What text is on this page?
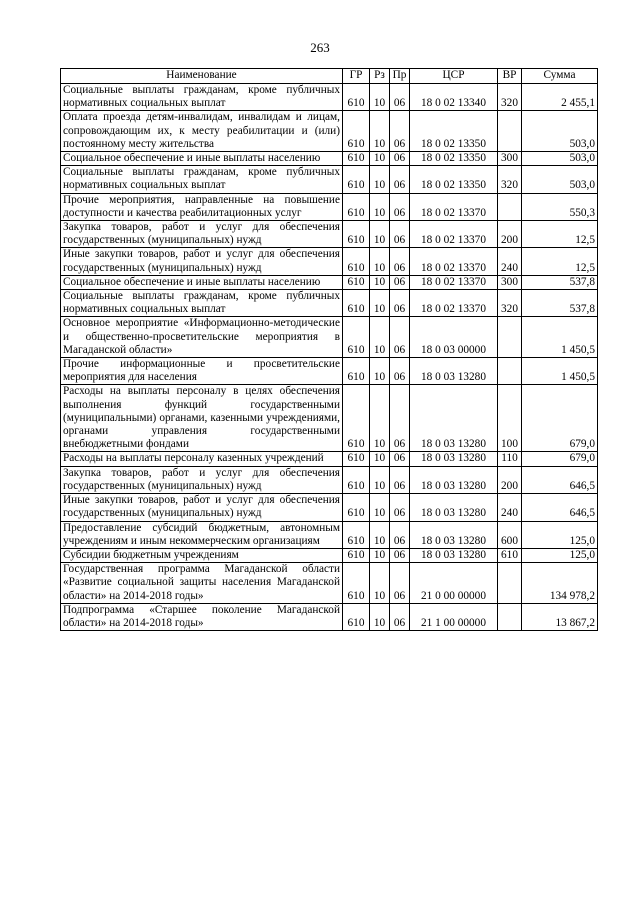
263
Наименование	ГР	Рз	Пр	ЦСР	ВР	Сумма
Социальные выплаты гражданам, кроме публичных нормативных социальных выплат	610	10	06	18 0 02 13340	320	2 455,1
Оплата проезда детям-инвалидам, инвалидам и лицам, сопровождающим их, к месту реабилитации и (или) постоянному месту жительства	610	10	06	18 0 02 13350		503,0
Социальное обеспечение и иные выплаты населению	610	10	06	18 0 02 13350	300	503,0
Социальные выплаты гражданам, кроме публичных нормативных социальных выплат	610	10	06	18 0 02 13350	320	503,0
Прочие мероприятия, направленные на повышение доступности и качества реабилитационных услуг	610	10	06	18 0 02 13370		550,3
Закупка товаров, работ и услуг для обеспечения государственных (муниципальных) нужд	610	10	06	18 0 02 13370	200	12,5
Иные закупки товаров, работ и услуг для обеспечения государственных (муниципальных) нужд	610	10	06	18 0 02 13370	240	12,5
Социальное обеспечение и иные выплаты населению	610	10	06	18 0 02 13370	300	537,8
Социальные выплаты гражданам, кроме публичных нормативных социальных выплат	610	10	06	18 0 02 13370	320	537,8
Основное мероприятие «Информационно-методические и общественно-просветительские мероприятия в Магаданской области»	610	10	06	18 0 03 00000		1 450,5
Прочие информационные и просветительские мероприятия для населения	610	10	06	18 0 03 13280		1 450,5
Расходы на выплаты персоналу в целях обеспечения выполнения функций государственными (муниципальными) органами, казенными учреждениями, органами управления государственными внебюджетными фондами	610	10	06	18 0 03 13280	100	679,0
Расходы на выплаты персоналу казенных учреждений	610	10	06	18 0 03 13280	110	679,0
Закупка товаров, работ и услуг для обеспечения государственных (муниципальных) нужд	610	10	06	18 0 03 13280	200	646,5
Иные закупки товаров, работ и услуг для обеспечения государственных (муниципальных) нужд	610	10	06	18 0 03 13280	240	646,5
Предоставление субсидий бюджетным, автономным учреждениям и иным некоммерческим организациям	610	10	06	18 0 03 13280	600	125,0
Субсидии бюджетным учреждениям	610	10	06	18 0 03 13280	610	125,0
Государственная программа Магаданской области «Развитие социальной защиты населения Магаданской области» на 2014-2018 годы»	610	10	06	21 0 00 00000		134 978,2
Подпрограмма «Старшее поколение Магаданской области» на 2014-2018 годы»	610	10	06	21 1 00 00000		13 867,2
